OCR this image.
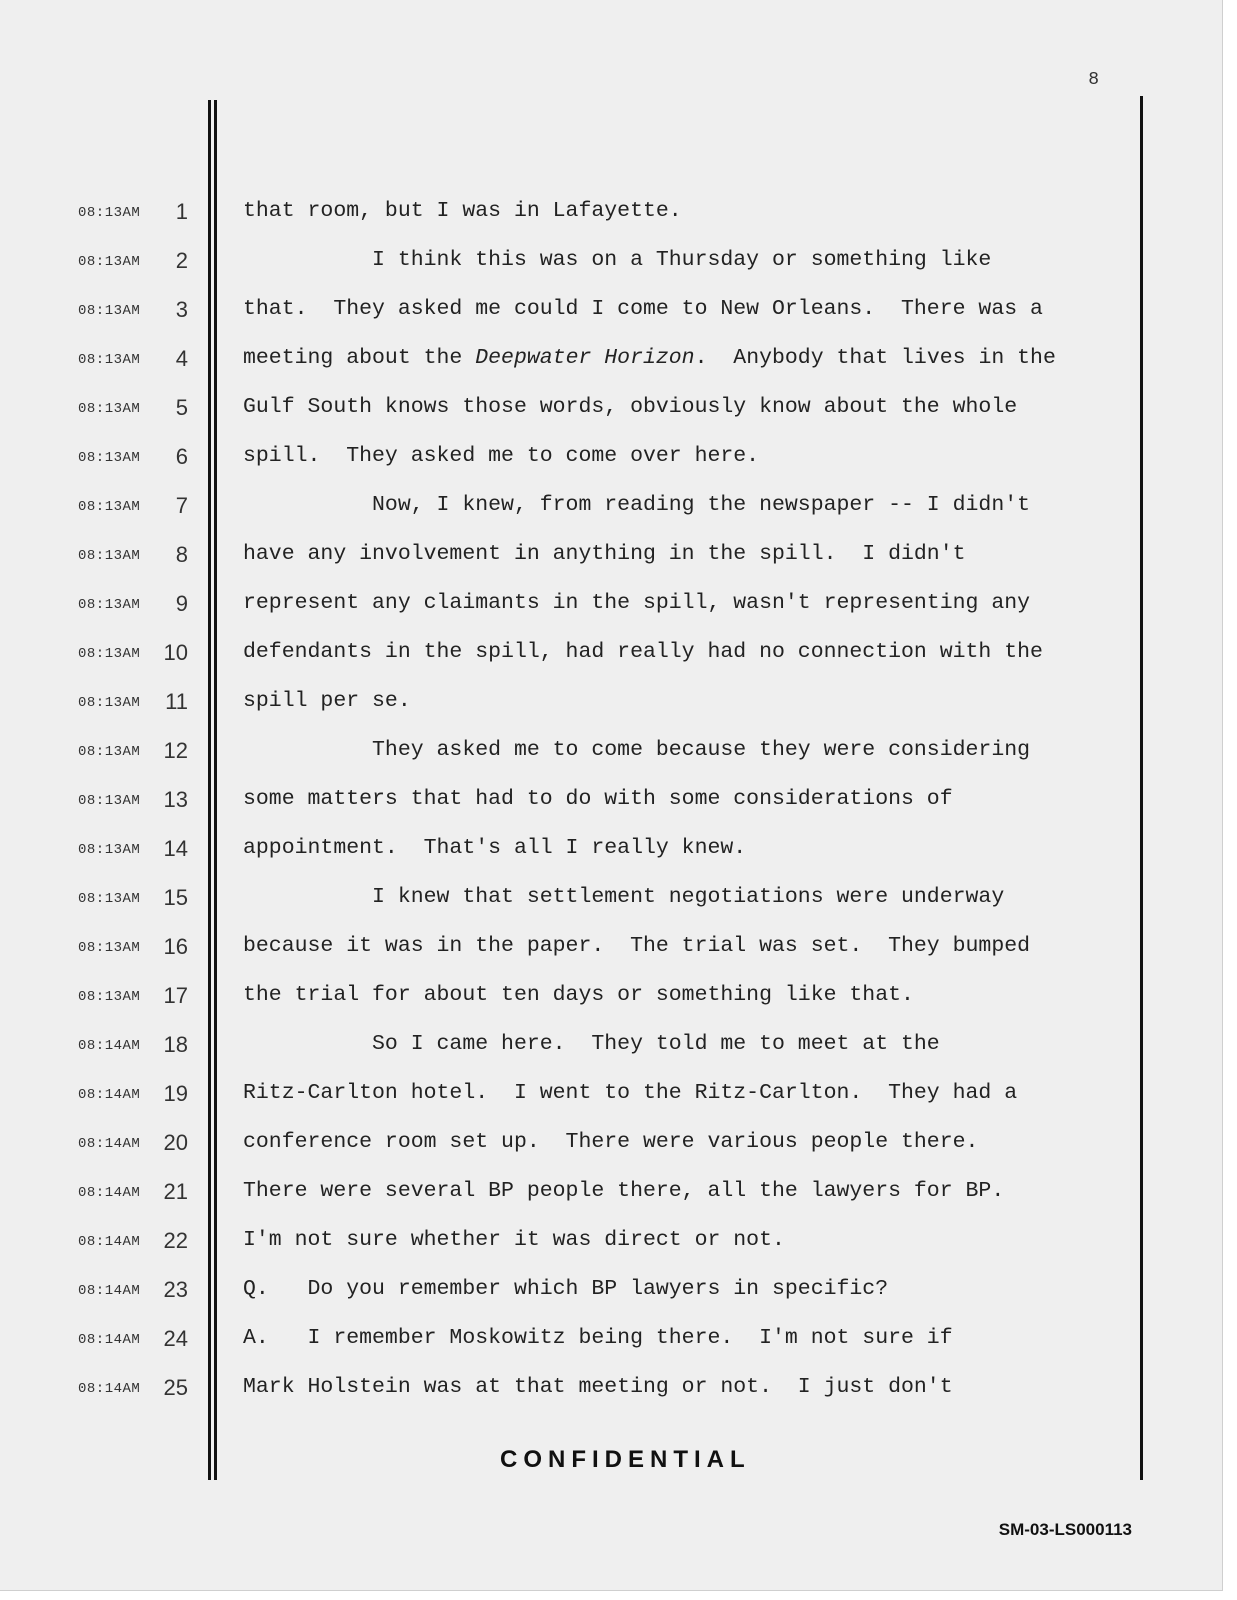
8
08:13AM	1	that room, but I was in Lafayette.
08:13AM	2	I think this was on a Thursday or something like
08:13AM	3	that.  They asked me could I come to New Orleans.  There was a
08:13AM	4	meeting about the Deepwater Horizon.  Anybody that lives in the
08:13AM	5	Gulf South knows those words, obviously know about the whole
08:13AM	6	spill.  They asked me to come over here.
08:13AM	7	Now, I knew, from reading the newspaper -- I didn't
08:13AM	8	have any involvement in anything in the spill.  I didn't
08:13AM	9	represent any claimants in the spill, wasn't representing any
08:13AM	10	defendants in the spill, had really had no connection with the
08:13AM	11	spill per se.
08:13AM	12	They asked me to come because they were considering
08:13AM	13	some matters that had to do with some considerations of
08:13AM	14	appointment.  That's all I really knew.
08:13AM	15	I knew that settlement negotiations were underway
08:13AM	16	because it was in the paper.  The trial was set.  They bumped
08:13AM	17	the trial for about ten days or something like that.
08:14AM	18	So I came here.  They told me to meet at the
08:14AM	19	Ritz-Carlton hotel.  I went to the Ritz-Carlton.  They had a
08:14AM	20	conference room set up.  There were various people there.
08:14AM	21	There were several BP people there, all the lawyers for BP.
08:14AM	22	I'm not sure whether it was direct or not.
08:14AM	23	Q.   Do you remember which BP lawyers in specific?
08:14AM	24	A.   I remember Moskowitz being there.  I'm not sure if
08:14AM	25	Mark Holstein was at that meeting or not.  I just don't
CONFIDENTIAL
SM-03-LS000113
